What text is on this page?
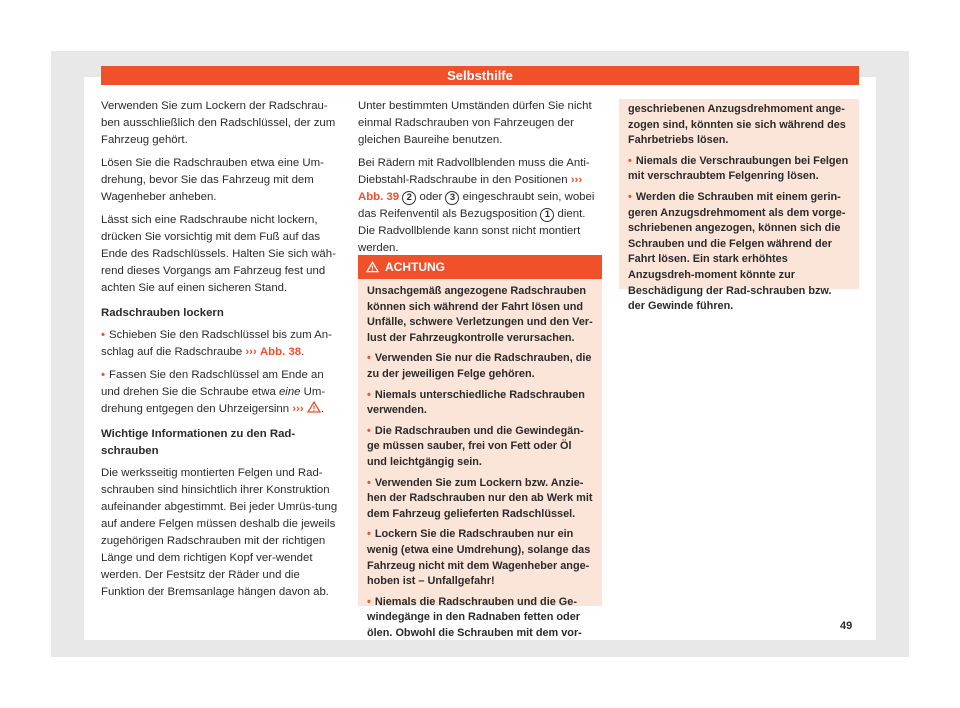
Selbsthilfe

Verwenden Sie zum Lockern der Radschrau-ben ausschließlich den Radschlüssel, der zum Fahrzeug gehört.

Lösen Sie die Radschrauben etwa eine Um-drehung, bevor Sie das Fahrzeug mit dem Wagenheber anheben.

Lässt sich eine Radschraube nicht lockern, drücken Sie vorsichtig mit dem Fuß auf das Ende des Radschlüssels. Halten Sie sich wäh-rend dieses Vorgangs am Fahrzeug fest und achten Sie auf einen sicheren Stand.

Radschrauben lockern

• Schieben Sie den Radschlüssel bis zum An-schlag auf die Radschraube ››› Abb. 38.

• Fassen Sie den Radschlüssel am Ende an und drehen Sie die Schraube etwa eine Um-drehung entgegen den Uhrzeigersinn ››› .

Wichtige Informationen zu den Rad-schrauben

Die werksseitig montierten Felgen und Rad-schrauben sind hinsichtlich ihrer Konstruktion aufeinander abgestimmt. Bei jeder Umrüs-tung auf andere Felgen müssen deshalb die jeweils zugehörigen Radschrauben mit der richtigen Länge und dem richtigen Kopf ver-wendet werden. Der Festsitz der Räder und die Funktion der Bremsanlage hängen davon ab.

Unter bestimmten Umständen dürfen Sie nicht einmal Radschrauben von Fahrzeugen der gleichen Baureihe benutzen.

Bei Rädern mit Radvollblenden muss die Anti-Diebstahl-Radschraube in den Positionen ››› Abb. 39 2 oder 3 eingeschraubt sein, wobei das Reifenventil als Bezugsposition 1 dient. Die Radvollblende kann sonst nicht montiert werden.

ACHTUNG

Unsachgemäß angezogene Radschrauben können sich während der Fahrt lösen und Unfälle, schwere Verletzungen und den Ver-lust der Fahrzeugkontrolle verursachen.

• Verwenden Sie nur die Radschrauben, die zu der jeweiligen Felge gehören.

• Niemals unterschiedliche Radschrauben verwenden.

• Die Radschrauben und die Gewindegän-ge müssen sauber, frei von Fett oder Öl und leichtgängig sein.

• Verwenden Sie zum Lockern bzw. Anzie-hen der Radschrauben nur den ab Werk mit dem Fahrzeug gelieferten Radschlüssel.

• Lockern Sie die Radschrauben nur ein wenig (etwa eine Umdrehung), solange das Fahrzeug nicht mit dem Wagenheber ange-hoben ist – Unfallgefahr!

• Niemals die Radschrauben und die Ge-windegänge in den Radnaben fetten oder ölen. Obwohl die Schrauben mit dem vor-

geschriebenen Anzugsdrehmoment ange-zogen sind, könnten sie sich während des Fahrbetriebs lösen.

• Niemals die Verschraubungen bei Felgen mit verschraubtem Felgenring lösen.

• Werden die Schrauben mit einem gerin-geren Anzugsdrehmoment als dem vorge-schriebenen angezogen, können sich die Schrauben und die Felgen während der Fahrt lösen. Ein stark erhöhtes Anzugsdreh-moment könnte zur Beschädigung der Rad-schrauben bzw. der Gewinde führen.

49
